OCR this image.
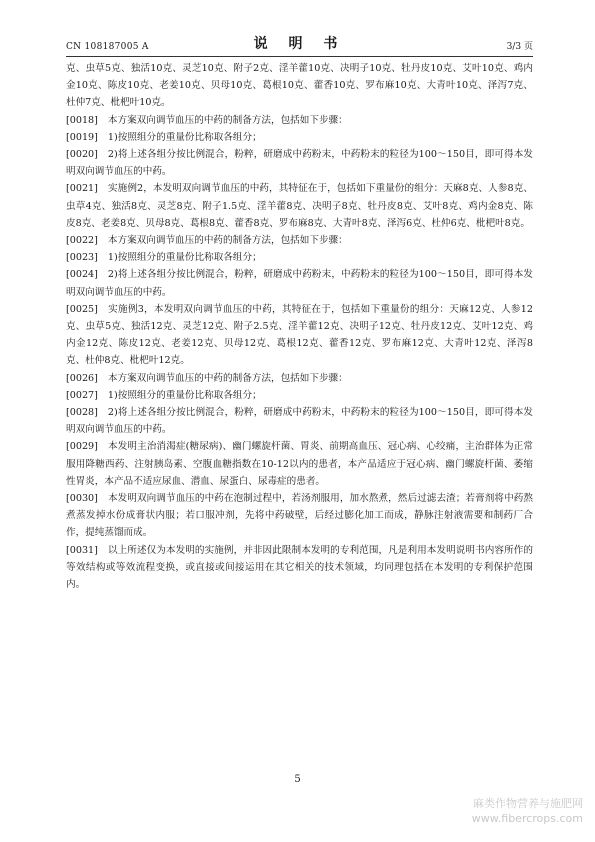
CN 108187005 A	说 明 书	3/3 页

克、虫草5克、独活10克、灵芝10克、附子2克、淫羊藿10克、决明子10克、牡丹皮10克、艾叶10克、鸡内金10克、陈皮10克、老姜10克、贝母10克、葛根10克、藿香10克、罗布麻10克、大青叶10克、泽泻7克、杜仲7克、枇杷叶10克。

[0018] 本方案双向调节血压的中药的制备方法，包括如下步骤：

[0019] 1)按照组分的重量份比称取各组分；

[0020] 2)将上述各组分按比例混合，粉粹，研磨成中药粉末，中药粉末的粒径为100～150目，即可得本发明双向调节血压的中药。

[0021] 实施例2，本发明双向调节血压的中药，其特征在于，包括如下重量份的组分：天麻8克、人参8克、虫草4克、独活8克、灵芝8克、附子1.5克、淫羊藿8克、决明子8克、牡丹皮8克、艾叶8克、鸡内金8克、陈皮8克、老姜8克、贝母8克、葛根8克、藿香8克、罗布麻8克、大青叶8克、泽泻6克、杜仲6克、枇杷叶8克。

[0022] 本方案双向调节血压的中药的制备方法，包括如下步骤：

[0023] 1)按照组分的重量份比称取各组分；

[0024] 2)将上述各组分按比例混合，粉粹，研磨成中药粉末，中药粉末的粒径为100～150目，即可得本发明双向调节血压的中药。

[0025] 实施例3，本发明双向调节血压的中药，其特征在于，包括如下重量份的组分：天麻12克、人参12克、虫草5克、独活12克、灵芝12克、附子2.5克、淫羊藿12克、决明子12克、牡丹皮12克、艾叶12克、鸡内金12克、陈皮12克、老姜12克、贝母12克、葛根12克、藿香12克、罗布麻12克、大青叶12克、泽泻8克、杜仲8克、枇杷叶12克。

[0026] 本方案双向调节血压的中药的制备方法，包括如下步骤：

[0027] 1)按照组分的重量份比称取各组分；

[0028] 2)将上述各组分按比例混合，粉粹，研磨成中药粉末，中药粉末的粒径为100～150目，即可得本发明双向调节血压的中药。

[0029] 本发明主治消渴症(糖尿病)、幽门螺旋杆菌、胃炎、前期高血压、冠心病、心绞痛，主治群体为正常服用降糖西药、注射胰岛素、空腹血糖指数在10-12以内的患者，本产品适应于冠心病、幽门螺旋杆菌、萎缩性胃炎，本产品不适应尿血、潜血、尿蛋白、尿毒症的患者。

[0030] 本发明双向调节血压的中药在泡制过程中，若汤剂服用，加水熬煮，然后过滤去渣；若膏剂将中药熬煮蒸发掉水份成膏状内服；若口服冲剂，先将中药破壁，后经过膨化加工而成，静脉注射液需要和制药厂合作，提纯蒸馏而成。

[0031] 以上所述仅为本发明的实施例，并非因此限制本发明的专利范围，凡是利用本发明说明书内容所作的等效结构或等效流程变换，或直接或间接运用在其它相关的技术领域，均同理包括在本发明的专利保护范围内。

5
麻类作物营养与施肥网
www.fibercrops.com
